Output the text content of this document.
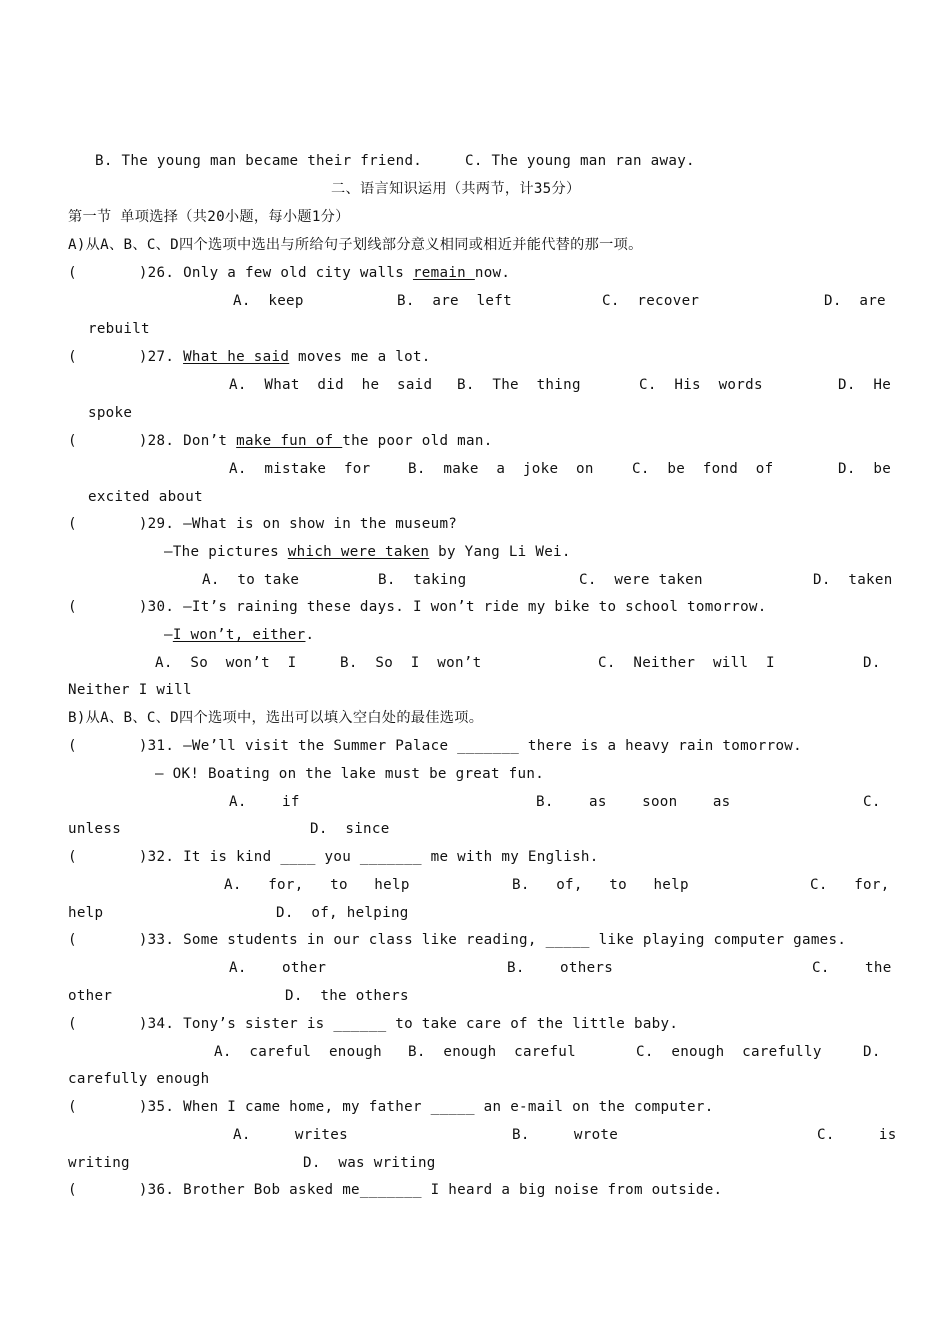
B. The young man became their friend.	C. The young man ran away.
二、语言知识运用（共两节，计35分）
第一节 单项选择（共20小题，每小题1分）
A)从A、B、C、D四个选项中选出与所给句子划线部分意义相同或相近并能代替的那一项。
(	)26. Only a few old city walls remain now.
A.  keep	B.  are  left	C.  recover	D.  are
rebuilt
(	)27. What he said moves me a lot.
A.  What  did  he  said B.  The  thing	C.  His  words	D.  He
spoke
(	)28. Don’t make fun of the poor old man.
A.  mistake  for	B.  make  a  joke  on	C.  be  fond  of	D.  be
excited about
(	)29. —What is on show in the museum?
—The pictures which were taken by Yang Li Wei.
A.  to take	B.  taking	C.  were taken	D.  taken
(	)30. —It’s raining these days. I won’t ride my bike to school tomorrow.
—I won’t, either.
A.  So  won’t  I	B.  So  I  won’t	C.  Neither  will  I	D.
Neither I will
B)从A、B、C、D四个选项中，选出可以填入空白处的最佳选项。
(	)31. —We’ll visit the Summer Palace _______ there is a heavy rain tomorrow.
— OK! Boating on the lake must be great fun.
A.    if	B.    as    soon    as	C.
unless	D.  since
(	)32. It is kind ____ you _______ me with my English.
A.   for,   to   help	B.   of,   to   help	C.   for,
help	D.  of, helping
(	)33. Some students in our class like reading, _____ like playing computer games.
A.    other	B.    others	C.    the
other	D.  the others
(	)34. Tony’s sister is ______ to take care of the little baby.
A.  careful  enough B.  enough  careful	C.  enough  carefully	D.
carefully enough
(	)35. When I came home, my father _____ an e-mail on the computer.
A.     writes	B.     wrote	C.     is
writing	D.  was writing
(	)36. Brother Bob asked me_______ I heard a big noise from outside.
